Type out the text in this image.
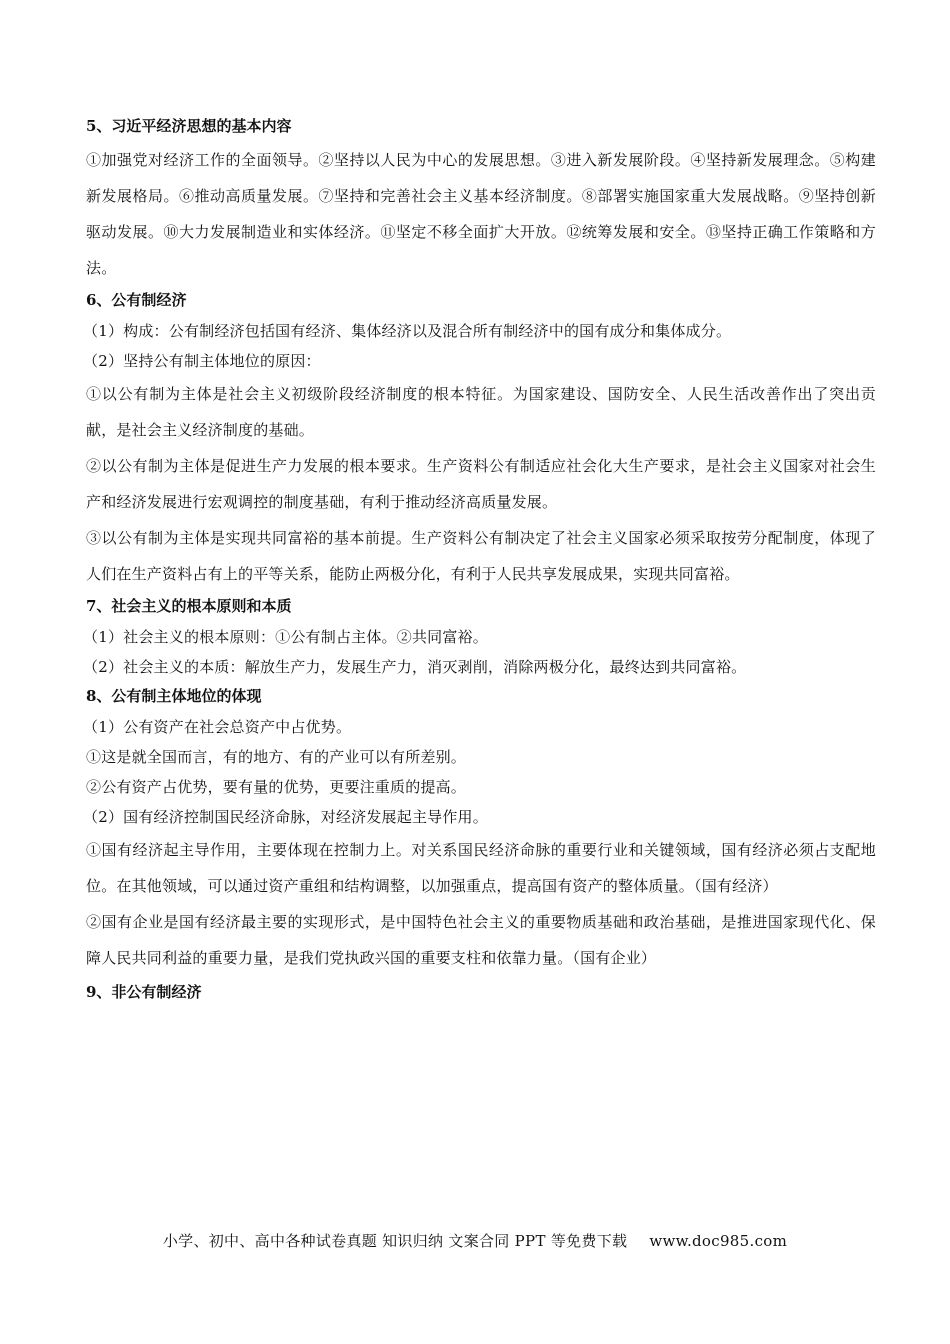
5、习近平经济思想的基本内容

①加强党对经济工作的全面领导。②坚持以人民为中心的发展思想。③进入新发展阶段。④坚持新发展理念。⑤构建新发展格局。⑥推动高质量发展。⑦坚持和完善社会主义基本经济制度。⑧部署实施国家重大发展战略。⑨坚持创新驱动发展。⑩大力发展制造业和实体经济。⑪坚定不移全面扩大开放。⑫统筹发展和安全。⑬坚持正确工作策略和方法。

6、公有制经济

（1）构成：公有制经济包括国有经济、集体经济以及混合所有制经济中的国有成分和集体成分。

（2）坚持公有制主体地位的原因：

①以公有制为主体是社会主义初级阶段经济制度的根本特征。为国家建设、国防安全、人民生活改善作出了突出贡献，是社会主义经济制度的基础。

②以公有制为主体是促进生产力发展的根本要求。生产资料公有制适应社会化大生产要求，是社会主义国家对社会生产和经济发展进行宏观调控的制度基础，有利于推动经济高质量发展。

③以公有制为主体是实现共同富裕的基本前提。生产资料公有制决定了社会主义国家必须采取按劳分配制度，体现了人们在生产资料占有上的平等关系，能防止两极分化，有利于人民共享发展成果，实现共同富裕。

7、社会主义的根本原则和本质

（1）社会主义的根本原则：①公有制占主体。②共同富裕。

（2）社会主义的本质：解放生产力，发展生产力，消灭剥削，消除两极分化，最终达到共同富裕。

8、公有制主体地位的体现

（1）公有资产在社会总资产中占优势。

①这是就全国而言，有的地方、有的产业可以有所差别。

②公有资产占优势，要有量的优势，更要注重质的提高。

（2）国有经济控制国民经济命脉，对经济发展起主导作用。

①国有经济起主导作用，主要体现在控制力上。对关系国民经济命脉的重要行业和关键领域，国有经济必须占支配地位。在其他领域，可以通过资产重组和结构调整，以加强重点，提高国有资产的整体质量。（国有经济）

②国有企业是国有经济最主要的实现形式，是中国特色社会主义的重要物质基础和政治基础，是推进国家现代化、保障人民共同利益的重要力量，是我们党执政兴国的重要支柱和依靠力量。（国有企业）

9、非公有制经济
小学、初中、高中各种试卷真题 知识归纳 文案合同 PPT 等免费下载 www.doc985.com
